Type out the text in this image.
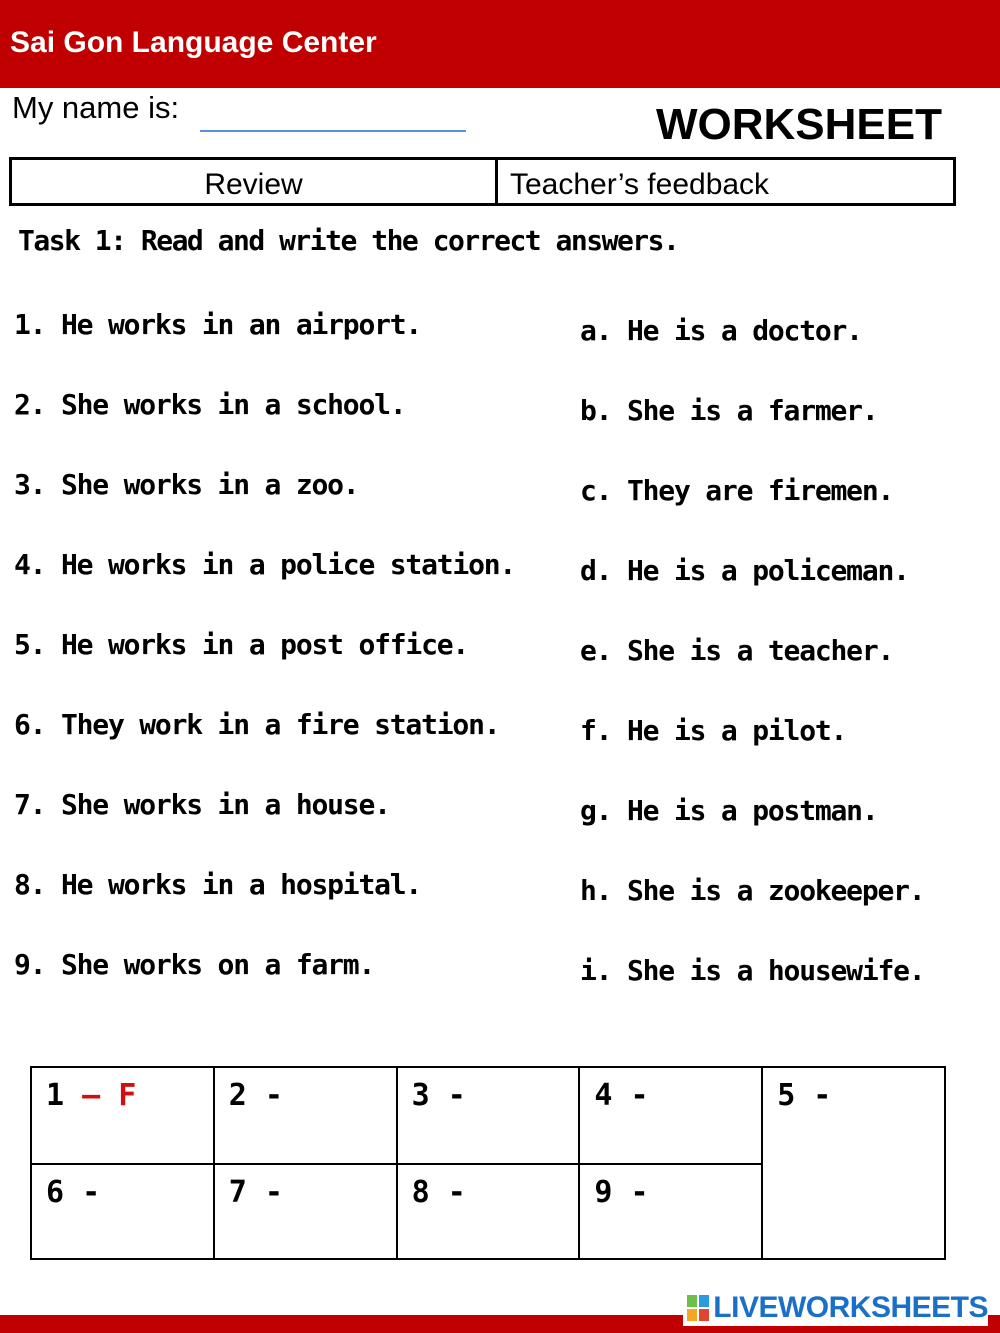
Sai Gon Language Center
My name is:	WORKSHEET
Review	Teacher’s feedback
Task 1: Read and write the correct answers.
1. He works in an airport.
2. She works in a school.
3. She works in a zoo.
4. He works in a police station.
5. He works in a post office.
6. They work in a fire station.
7. She works in a house.
8. He works in a hospital.
9. She works on a farm.
a. He is a doctor.
b. She is a farmer.
c. They are firemen.
d. He is a policeman.
e. She is a teacher.
f. He is a pilot.
g. He is a postman.
h. She is a zookeeper.
i. She is a housewife.
1 – F	2 -	3 -	4 -	5 -
6 -	7 -	8 -	9 -	
LIVEWORKSHEETS
